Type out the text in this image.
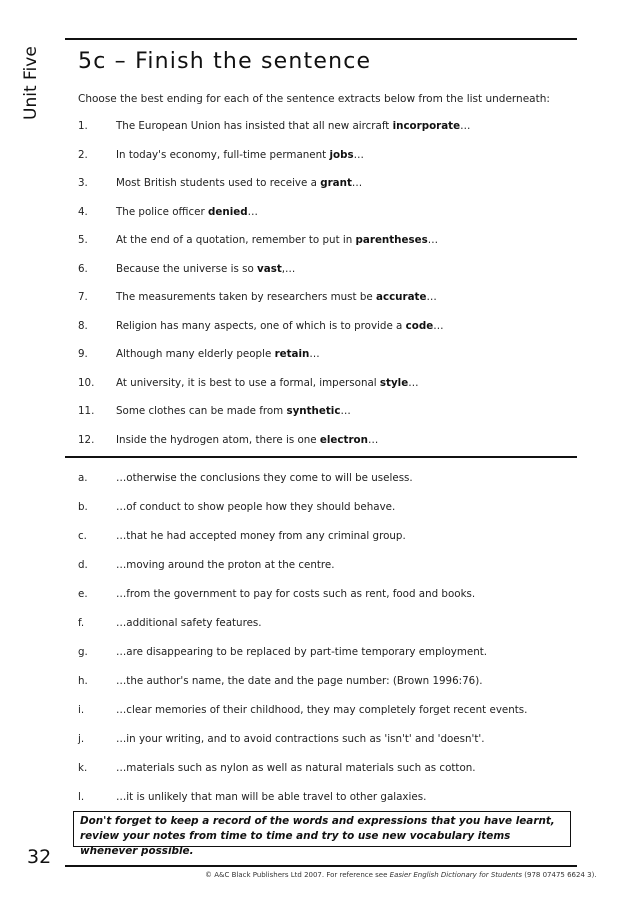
Unit Five
32
5c – Finish the sentence
Choose the best ending for each of the sentence extracts below from the list underneath:
1.	The European Union has insisted that all new aircraft incorporate…
2.	In today's economy, full-time permanent jobs…
3.	Most British students used to receive a grant…
4.	The police officer denied…
5.	At the end of a quotation, remember to put in parentheses…
6.	Because the universe is so vast,…
7.	The measurements taken by researchers must be accurate…
8.	Religion has many aspects, one of which is to provide a code…
9.	Although many elderly people retain…
10. At university, it is best to use a formal, impersonal style…
11. Some clothes can be made from synthetic…
12. Inside the hydrogen atom, there is one electron…
a.	…otherwise the conclusions they come to will be useless.
b.	…of conduct to show people how they should behave.
c.	…that he had accepted money from any criminal group.
d.	…moving around the proton at the centre.
e.	…from the government to pay for costs such as rent, food and books.
f.	…additional safety features.
g.	…are disappearing to be replaced by part-time temporary employment.
h.	…the author's name, the date and the page number: (Brown 1996:76).
i.	…clear memories of their childhood, they may completely forget recent events.
j.	…in your writing, and to avoid contractions such as 'isn't' and 'doesn't'.
k.	…materials such as nylon as well as natural materials such as cotton.
l.	…it is unlikely that man will be able travel to other galaxies.
Don't forget to keep a record of the words and expressions that you have learnt, review your notes from time to time and try to use new vocabulary items whenever possible.
© A&C Black Publishers Ltd 2007. For reference see Easier English Dictionary for Students (978 07475 6624 3).
